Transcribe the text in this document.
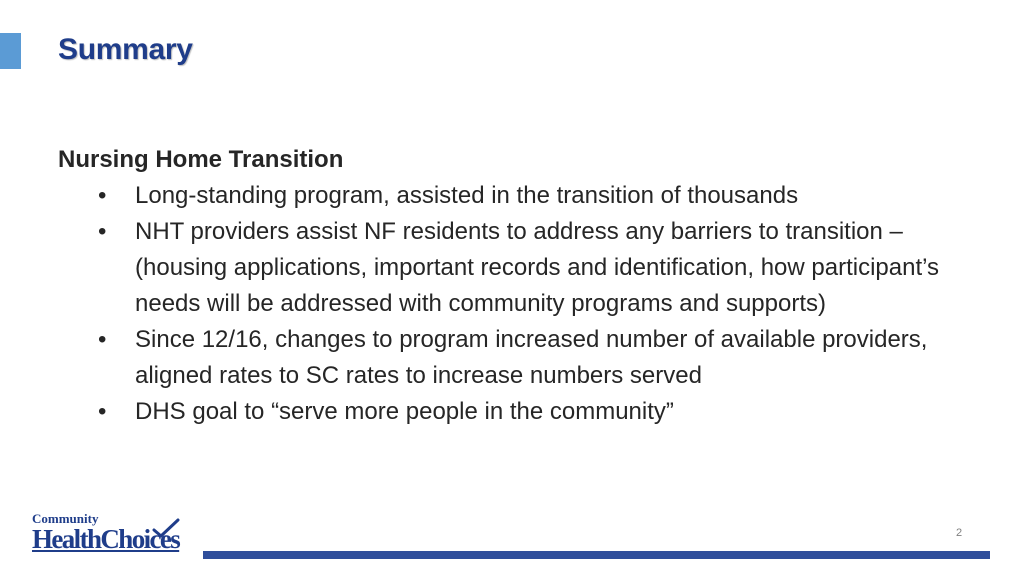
Summary
Nursing Home Transition
• Long-standing program, assisted in the transition of thousands
• NHT providers assist NF residents to address any barriers to transition – (housing applications, important records and identification, how participant’s needs will be addressed with community programs and supports)
• Since 12/16, changes to program increased number of available providers, aligned rates to SC rates to increase numbers served
• DHS goal to “serve more people in the community”
Community
HealthChoices	2
